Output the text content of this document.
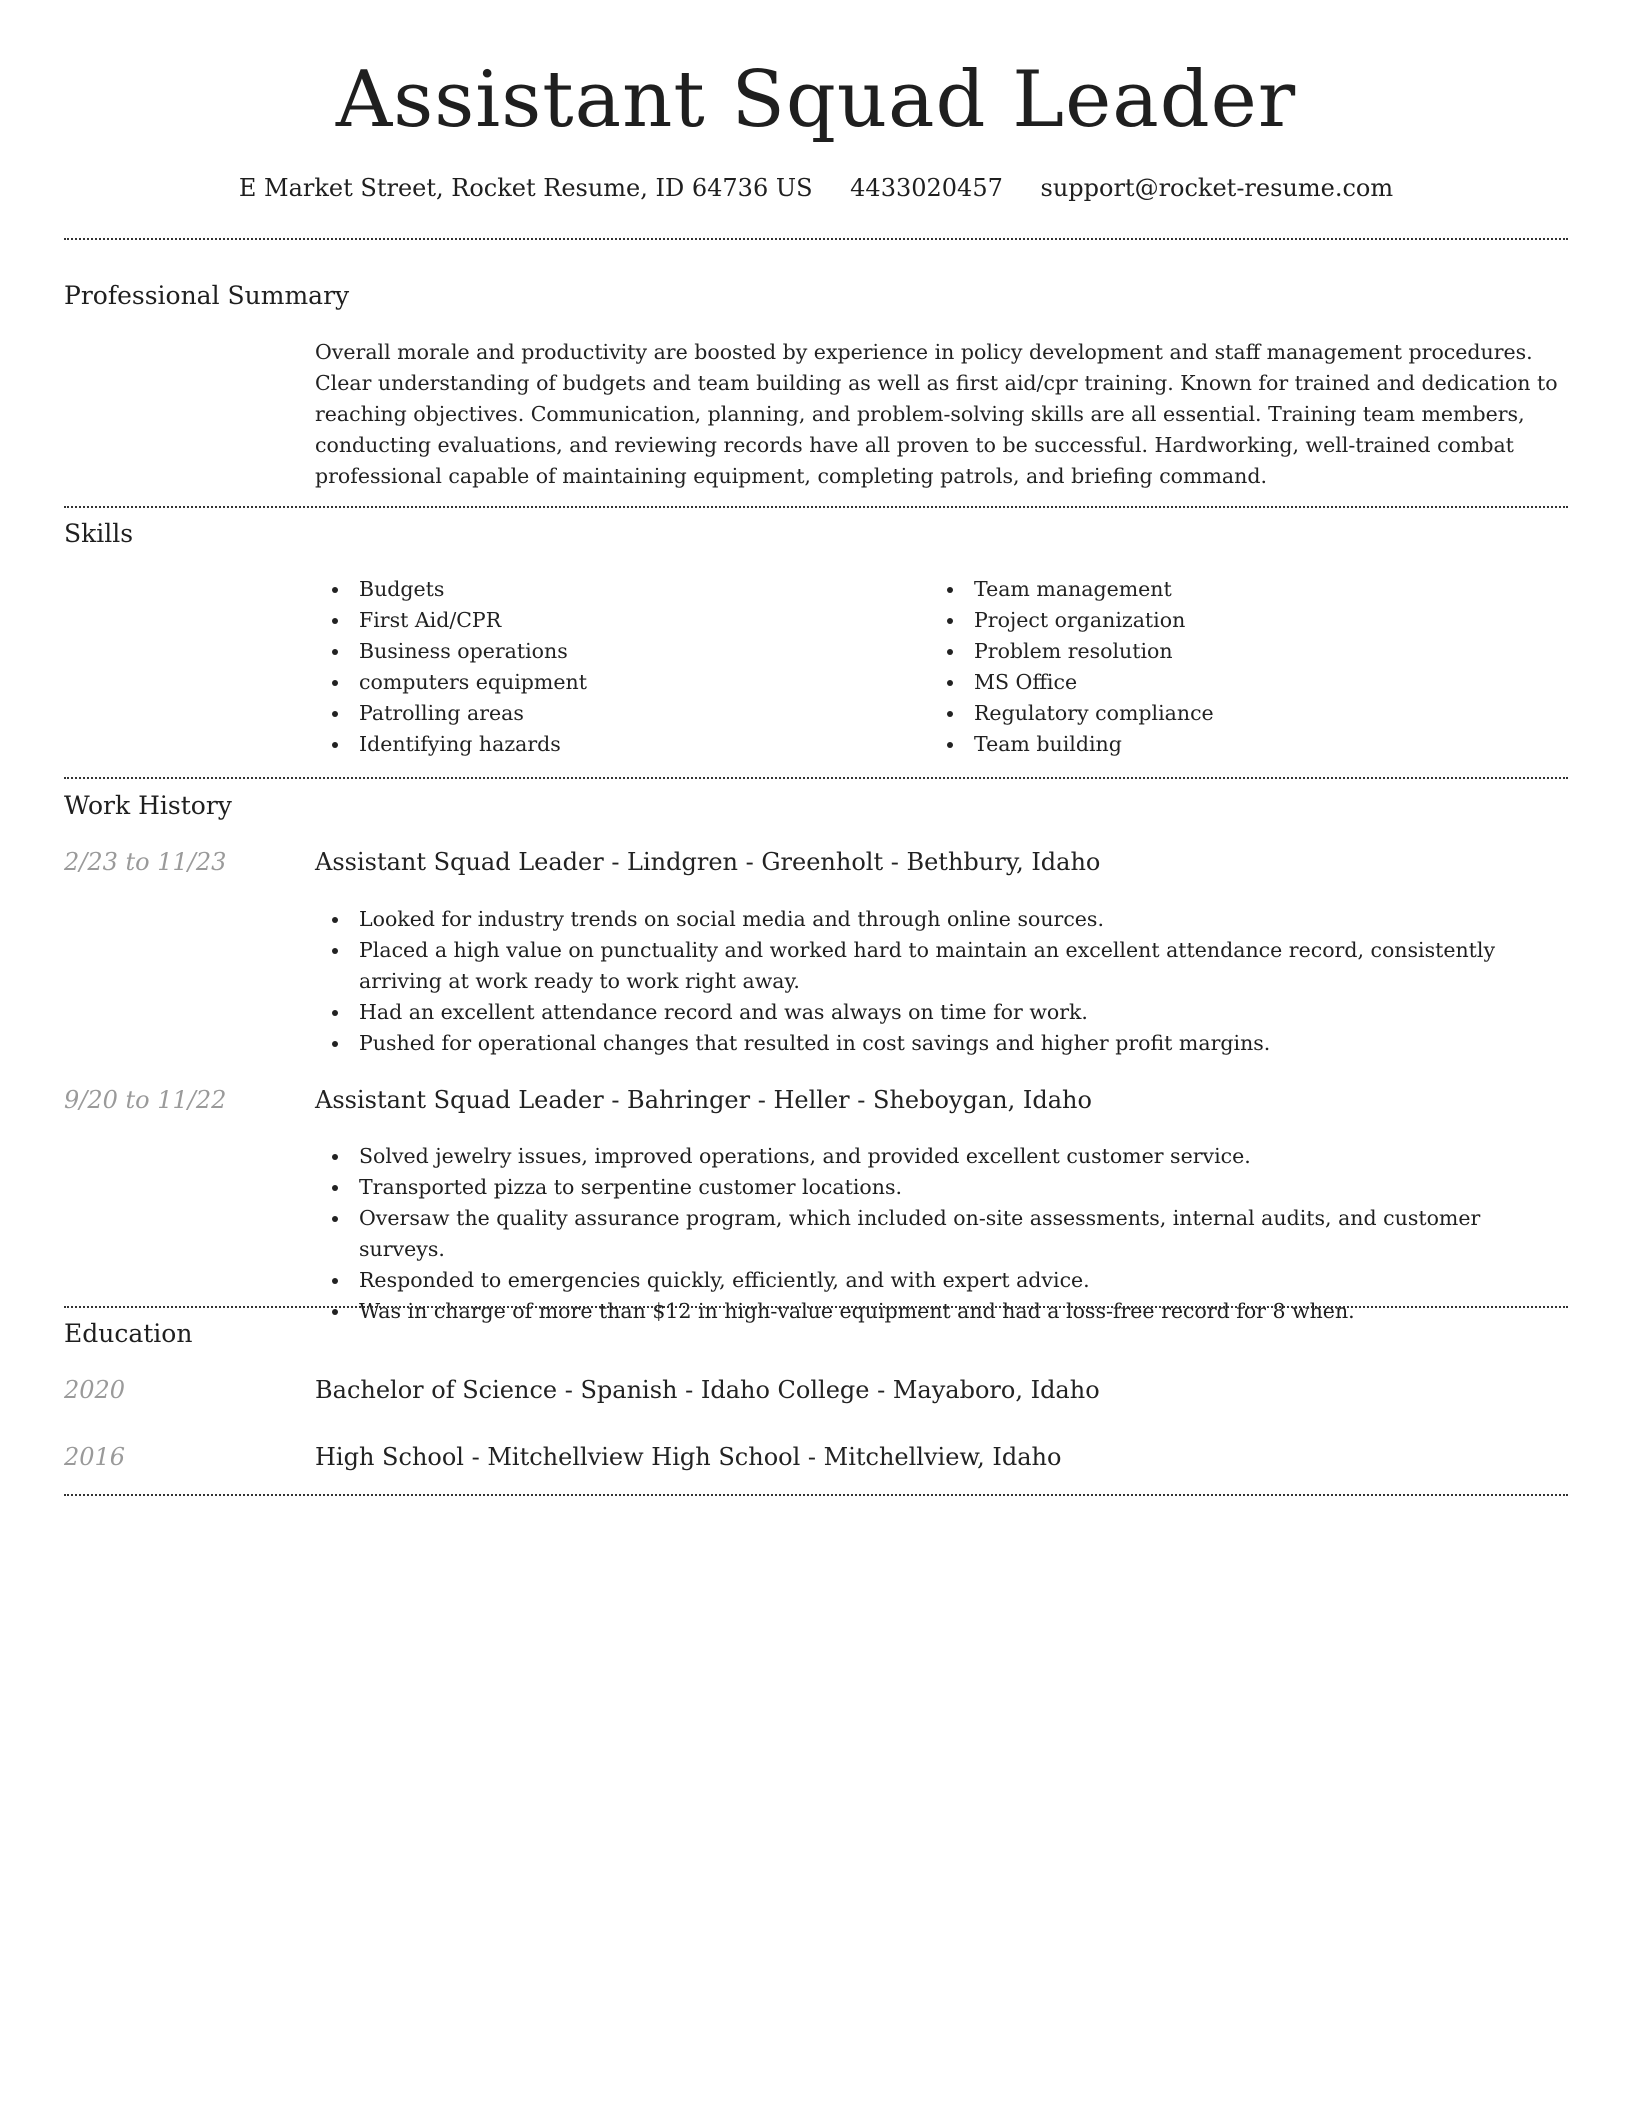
Assistant Squad Leader
E Market Street, Rocket Resume, ID 64736 US 4433020457 support@rocket-resume.com
Professional Summary
Overall morale and productivity are boosted by experience in policy development and staff management procedures. Clear understanding of budgets and team building as well as first aid/cpr training. Known for trained and dedication to reaching objectives. Communication, planning, and problem-solving skills are all essential. Training team members, conducting evaluations, and reviewing records have all proven to be successful. Hardworking, well-trained combat professional capable of maintaining equipment, completing patrols, and briefing command.
Skills
Budgets
First Aid/CPR
Business operations
computers equipment
Patrolling areas
Identifying hazards
Team management
Project organization
Problem resolution
MS Office
Regulatory compliance
Team building
Work History
2/23 to 11/23	Assistant Squad Leader - Lindgren - Greenholt - Bethbury, Idaho
Looked for industry trends on social media and through online sources.
Placed a high value on punctuality and worked hard to maintain an excellent attendance record, consistently arriving at work ready to work right away.
Had an excellent attendance record and was always on time for work.
Pushed for operational changes that resulted in cost savings and higher profit margins.
9/20 to 11/22	Assistant Squad Leader - Bahringer - Heller - Sheboygan, Idaho
Solved jewelry issues, improved operations, and provided excellent customer service.
Transported pizza to serpentine customer locations.
Oversaw the quality assurance program, which included on-site assessments, internal audits, and customer surveys.
Responded to emergencies quickly, efficiently, and with expert advice.
Was in charge of more than $12 in high-value equipment and had a loss-free record for 8 when.
Education
2020	Bachelor of Science - Spanish - Idaho College - Mayaboro, Idaho
2016	High School - Mitchellview High School - Mitchellview, Idaho
